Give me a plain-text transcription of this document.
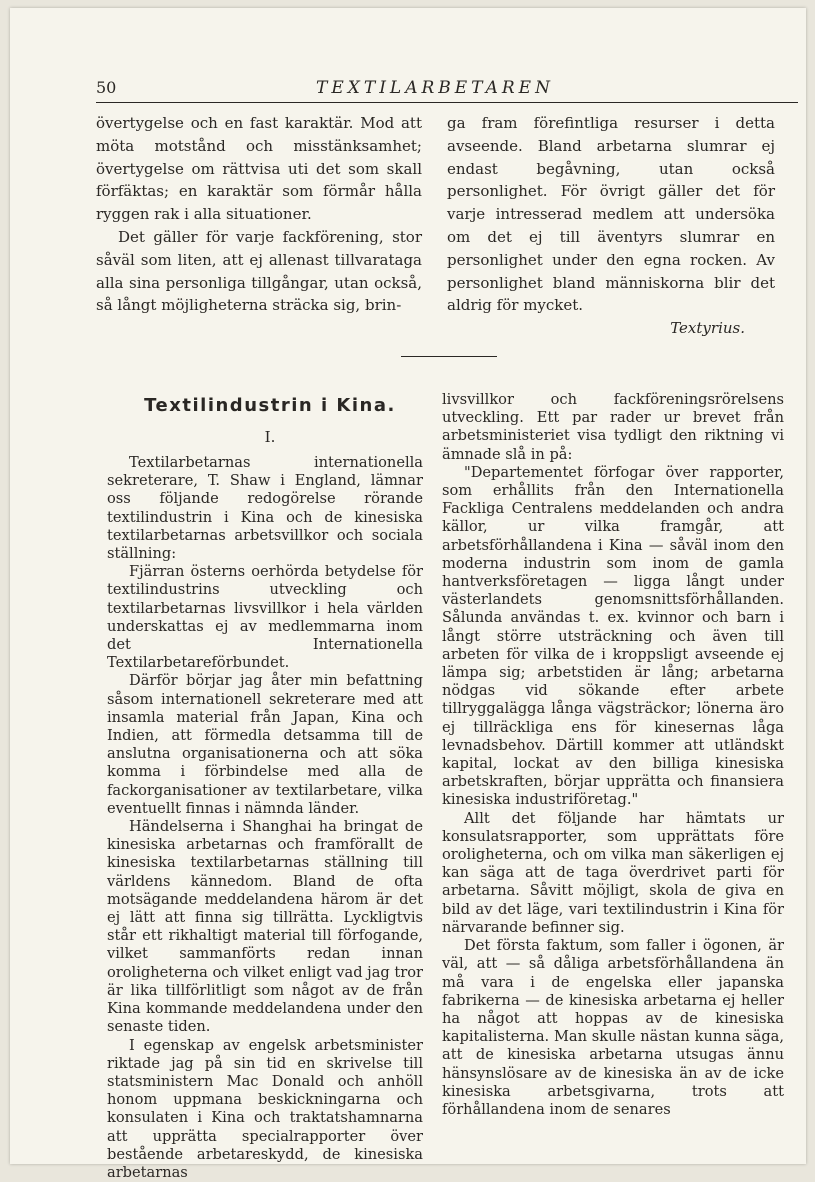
50	TEXTILARBETAREN

övertygelse och en fast karaktär. Mod att möta motstånd och misstänksamhet; övertygelse om rättvisa uti det som skall förfäktas; en karaktär som förmår hålla ryggen rak i alla situationer.

Det gäller för varje fackförening, stor såväl som liten, att ej allenast tillvarataga alla sina personliga tillgångar, utan också, så långt möjligheterna sträcka sig, brin-

ga fram förefintliga resurser i detta avseende. Bland arbetarna slumrar ej endast begåvning, utan också personlighet. För övrigt gäller det för varje intresserad medlem att undersöka om det ej till äventyrs slumrar en personlighet under den egna rocken. Av personlighet bland människorna blir det aldrig för mycket.

Textyrius.

Textilindustrin i Kina.
I.

Textilarbetarnas internationella sekreterare, T. Shaw i England, lämnar oss följande redogörelse rörande textilindustrin i Kina och de kinesiska textilarbetarnas arbetsvillkor och sociala ställning:

Fjärran österns oerhörda betydelse för textilindustrins utveckling och textilarbetarnas livsvillkor i hela världen underskattas ej av medlemmarna inom det Internationella Textilarbetareförbundet.

Därför börjar jag åter min befattning såsom internationell sekreterare med att insamla material från Japan, Kina och Indien, att förmedla detsamma till de anslutna organisationerna och att söka komma i förbindelse med alla de fackorganisationer av textilarbetare, vilka eventuellt finnas i nämnda länder.

Händelserna i Shanghai ha bringat de kinesiska arbetarnas och framförallt de kinesiska textilarbetarnas ställning till världens kännedom. Bland de ofta motsägande meddelandena härom är det ej lätt att finna sig tillrätta. Lyckligtvis står ett rikhaltigt material till förfogande, vilket sammanförts redan innan oroligheterna och vilket enligt vad jag tror är lika tillförlitligt som något av de från Kina kommande meddelandena under den senaste tiden.

I egenskap av engelsk arbetsminister riktade jag på sin tid en skrivelse till statsministern Mac Donald och anhöll honom uppmana beskickningarna och konsulaten i Kina och traktatshamnarna att upprätta specialrapporter över bestående arbetareskydd, de kinesiska arbetarnas

livsvillkor och fackföreningsrörelsens utveckling. Ett par rader ur brevet från arbetsministeriet visa tydligt den riktning vi ämnade slå in på:

"Departementet förfogar över rapporter, som erhållits från den Internationella Fackliga Centralens meddelanden och andra källor, ur vilka framgår, att arbetsförhållandena i Kina — såväl inom den moderna industrin som inom de gamla hantverksföretagen — ligga långt under västerlandets genomsnittsförhållanden. Sålunda användas t. ex. kvinnor och barn i långt större utsträckning och även till arbeten för vilka de i kroppsligt avseende ej lämpa sig; arbetstiden är lång; arbetarna nödgas vid sökande efter arbete tillryggalägga långa vägsträckor; lönerna äro ej tillräckliga ens för kinesernas låga levnadsbehov. Därtill kommer att utländskt kapital, lockat av den billiga kinesiska arbetskraften, börjar upprätta och finansiera kinesiska industriföretag."

Allt det följande har hämtats ur konsulatsrapporter, som upprättats före oroligheterna, och om vilka man säkerligen ej kan säga att de taga överdrivet parti för arbetarna. Såvitt möjligt, skola de giva en bild av det läge, vari textilindustrin i Kina för närvarande befinner sig.

Det första faktum, som faller i ögonen, är väl, att — så dåliga arbetsförhållandena än må vara i de engelska eller japanska fabrikerna — de kinesiska arbetarna ej heller ha något att hoppas av de kinesiska kapitalisterna. Man skulle nästan kunna säga, att de kinesiska arbetarna utsugas ännu hänsynslösare av de kinesiska än av de icke kinesiska arbetsgivarna, trots att förhållandena inom de senares
